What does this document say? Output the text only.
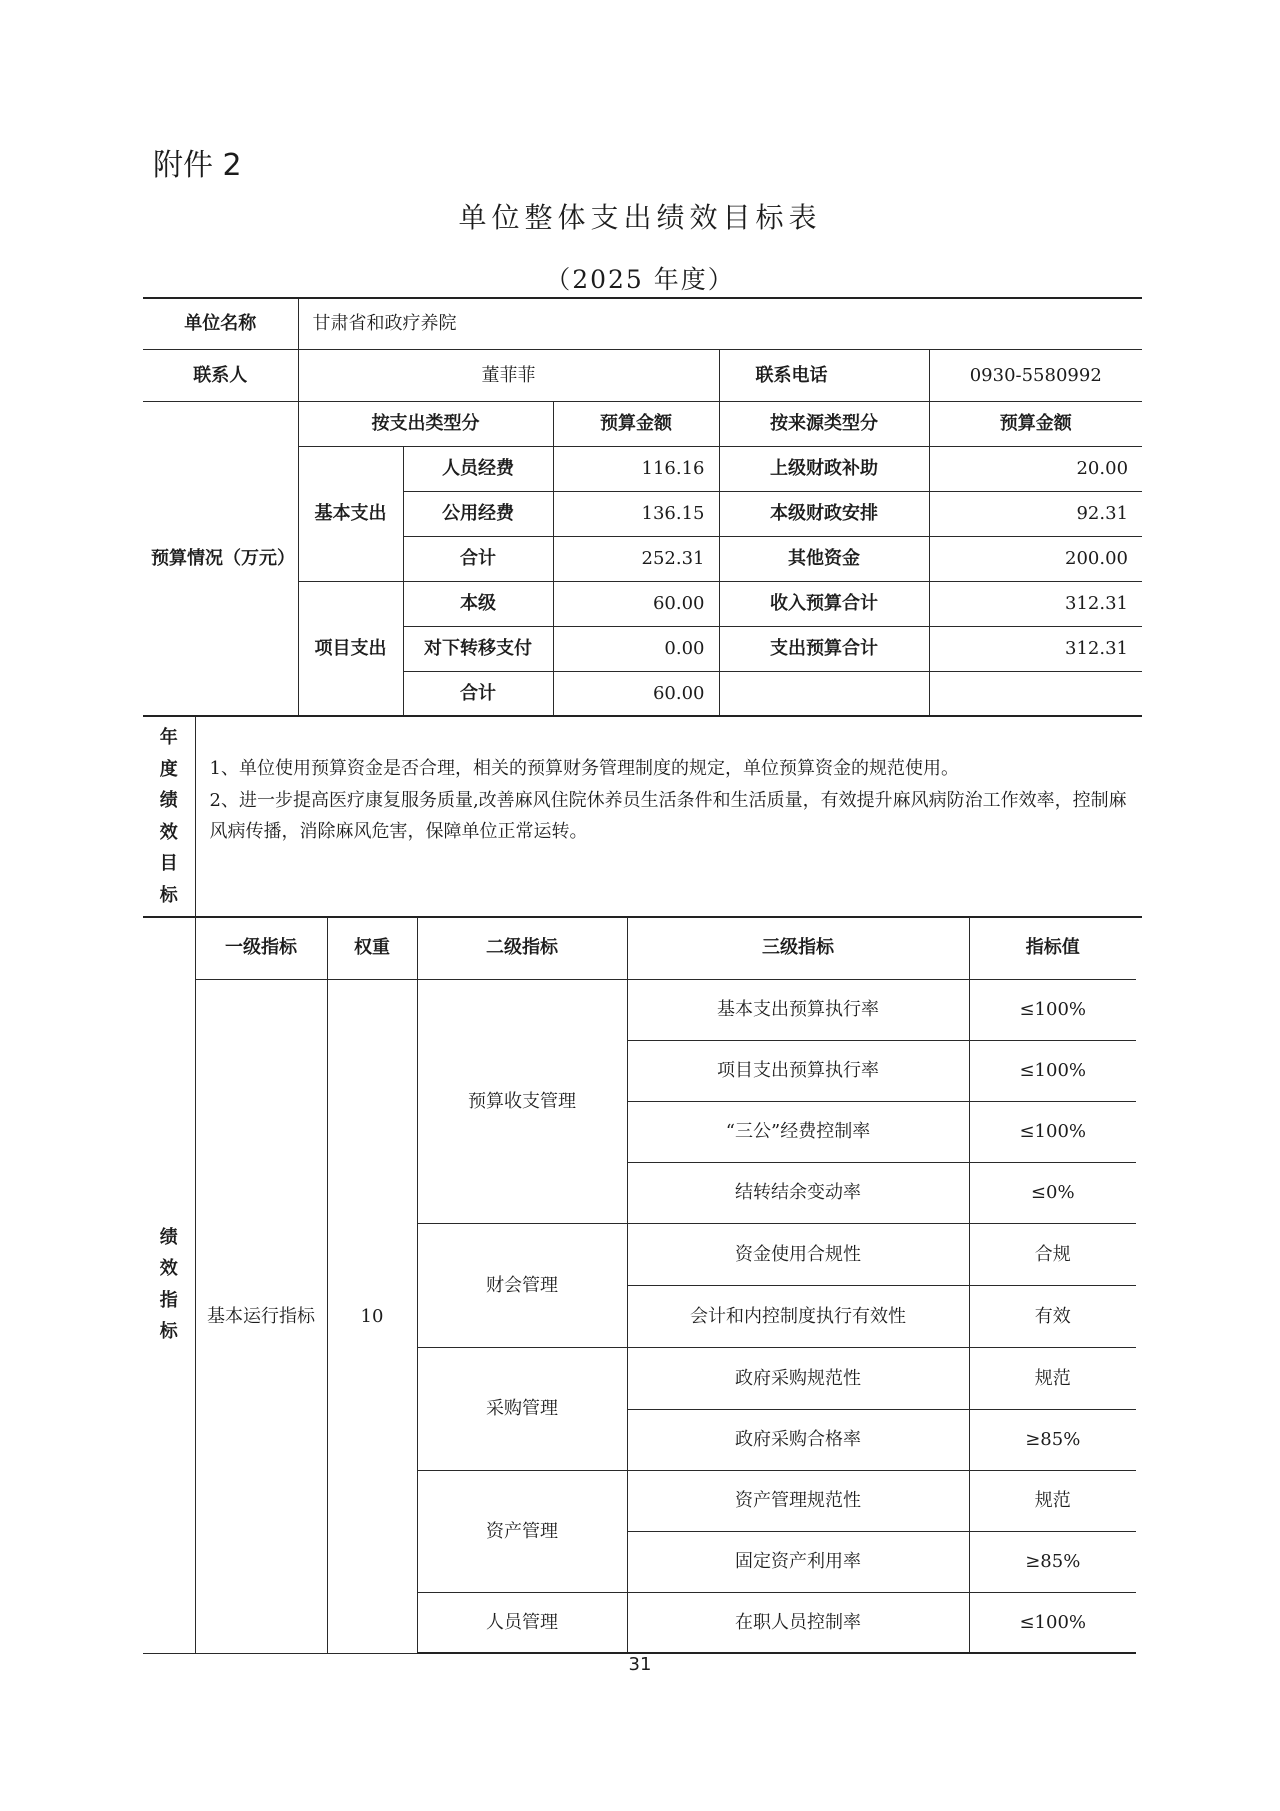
附件 2
单位整体支出绩效目标表
（2025 年度）
单位名称	甘肃省和政疗养院				
联系人	董菲菲			联系电话	0930-5580992
预算情况（万元）	按支出类型分		预算金额	按来源类型分	预算金额
	基本支出	人员经费	116.16	上级财政补助	20.00
		公用经费	136.15	本级财政安排	92.31
		合计	252.31	其他资金	200.00
	项目支出	本级	60.00	收入预算合计	312.31
		对下转移支付	0.00	支出预算合计	312.31
		合计	60.00		
年度绩效目标	

1、单位使用预算资金是否合理，相关的预算财务管理制度的规定，单位预算资金的规范使用。

2、进一步提高医疗康复服务质量,改善麻风住院休养员生活条件和生活质量，有效提升麻风病防治工作效率，控制麻风病传播，消除麻风危害，保障单位正常运转。

绩效指标	一级指标	权重	二级指标	三级指标	指标值
	基本运行指标	10	预算收支管理	基本支出预算执行率	≤100%
				项目支出预算执行率	≤100%
				“三公”经费控制率	≤100%
				结转结余变动率	≤0%
			财会管理	资金使用合规性	合规
				会计和内控制度执行有效性	有效
			采购管理	政府采购规范性	规范
				政府采购合格率	≥85%
			资产管理	资产管理规范性	规范
				固定资产利用率	≥85%
			人员管理	在职人员控制率	≤100%
31
